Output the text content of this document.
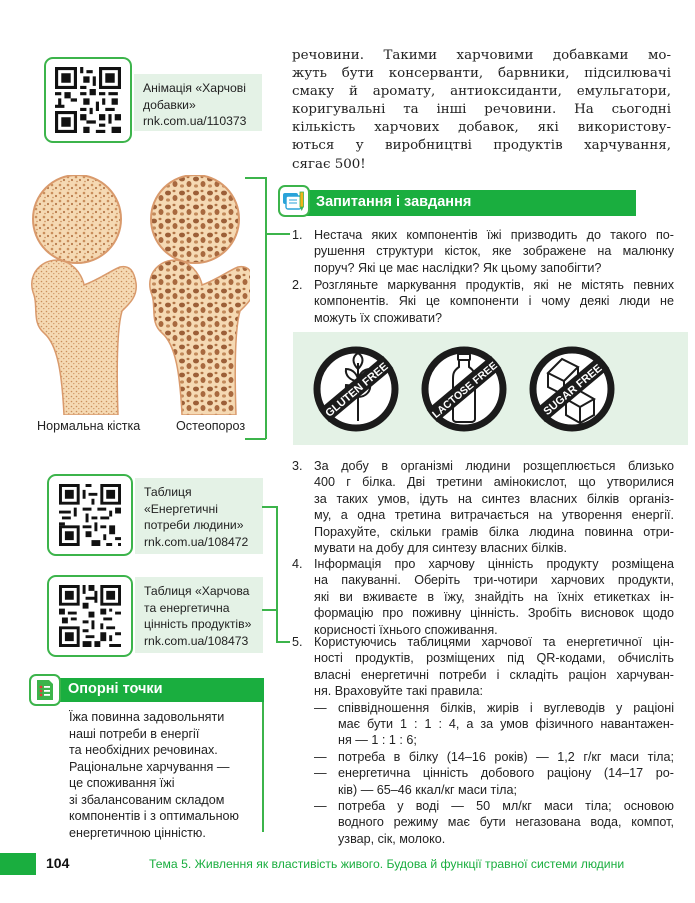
Анімація «Харчові
добавки»
rnk.com.ua/110373
речовини. Такими харчовими добавками мо-
жуть бути консерванти, барвники, підсилювачі
смаку й аромату, антиоксиданти, емульгатори,
коригувальні та інші речовини. На сьогодні
кількість харчових добавок, які використову-
ються у виробництві продуктів харчування,
сягає 500!
Нормальна кістка	Остеопороз
Запитання і завдання
1. Нестача яких компонентів їжі призводить до такого по-
рушення структури кісток, яке зображене на малюнку
поруч? Які це має наслідки? Як цьому запобігти?
2. Розгляньте маркування продуктів, які не містять певних
компонентів. Які це компоненти і чому деякі люди не
можуть їх споживати?
GLUTEN FREE	LACTOSE FREE	SUGAR FREE
3. За добу в організмі людини розщеплюється близько
400 г білка. Дві третини амінокислот, що утворилися
за таких умов, ідуть на синтез власних білків організ-
му, а одна третина витрачається на утворення енергії.
Порахуйте, скільки грамів білка людина повинна отри-
мувати на добу для синтезу власних білків.
4. Інформація про харчову цінність продукту розміщена
на пакуванні. Оберіть три-чотири харчових продукти,
які ви вживаєте в їжу, знайдіть на їхніх етикетках ін-
формацію про поживну цінність. Зробіть висновок щодо
корисності їхнього споживання.
5. Користуючись таблицями харчової та енергетичної цін-
ності продуктів, розміщених під QR-кодами, обчисліть
власні енергетичні потреби і складіть раціон харчуван-
ня. Враховуйте такі правила:
— співвідношення білків, жирів і вуглеводів у раціоні
має бути 1 : 1 : 4, а за умов фізичного навантажен-
ня — 1 : 1 : 6;
— потреба в білку (14–16 років) — 1,2 г/кг маси тіла;
— енергетична цінність добового раціону (14–17 ро-
ків) — 65–46 ккал/кг маси тіла;
— потреба у воді — 50 мл/кг маси тіла; основою
водного режиму має бути негазована вода, компот,
узвар, сік, молоко.
Таблиця
«Енергетичні
потреби людини»
rnk.com.ua/108472
Таблиця «Харчова
та енергетична
цінність продуктів»
rnk.com.ua/108473
Опорні точки
Їжа повинна задовольняти
наші потреби в енергії
та необхідних речовинах.
Раціональне харчування —
це споживання їжі
зі збалансованим складом
компонентів і з оптимальною
енергетичною цінністю.
104	Тема 5. Живлення як властивість живого. Будова й функції травної системи людини
